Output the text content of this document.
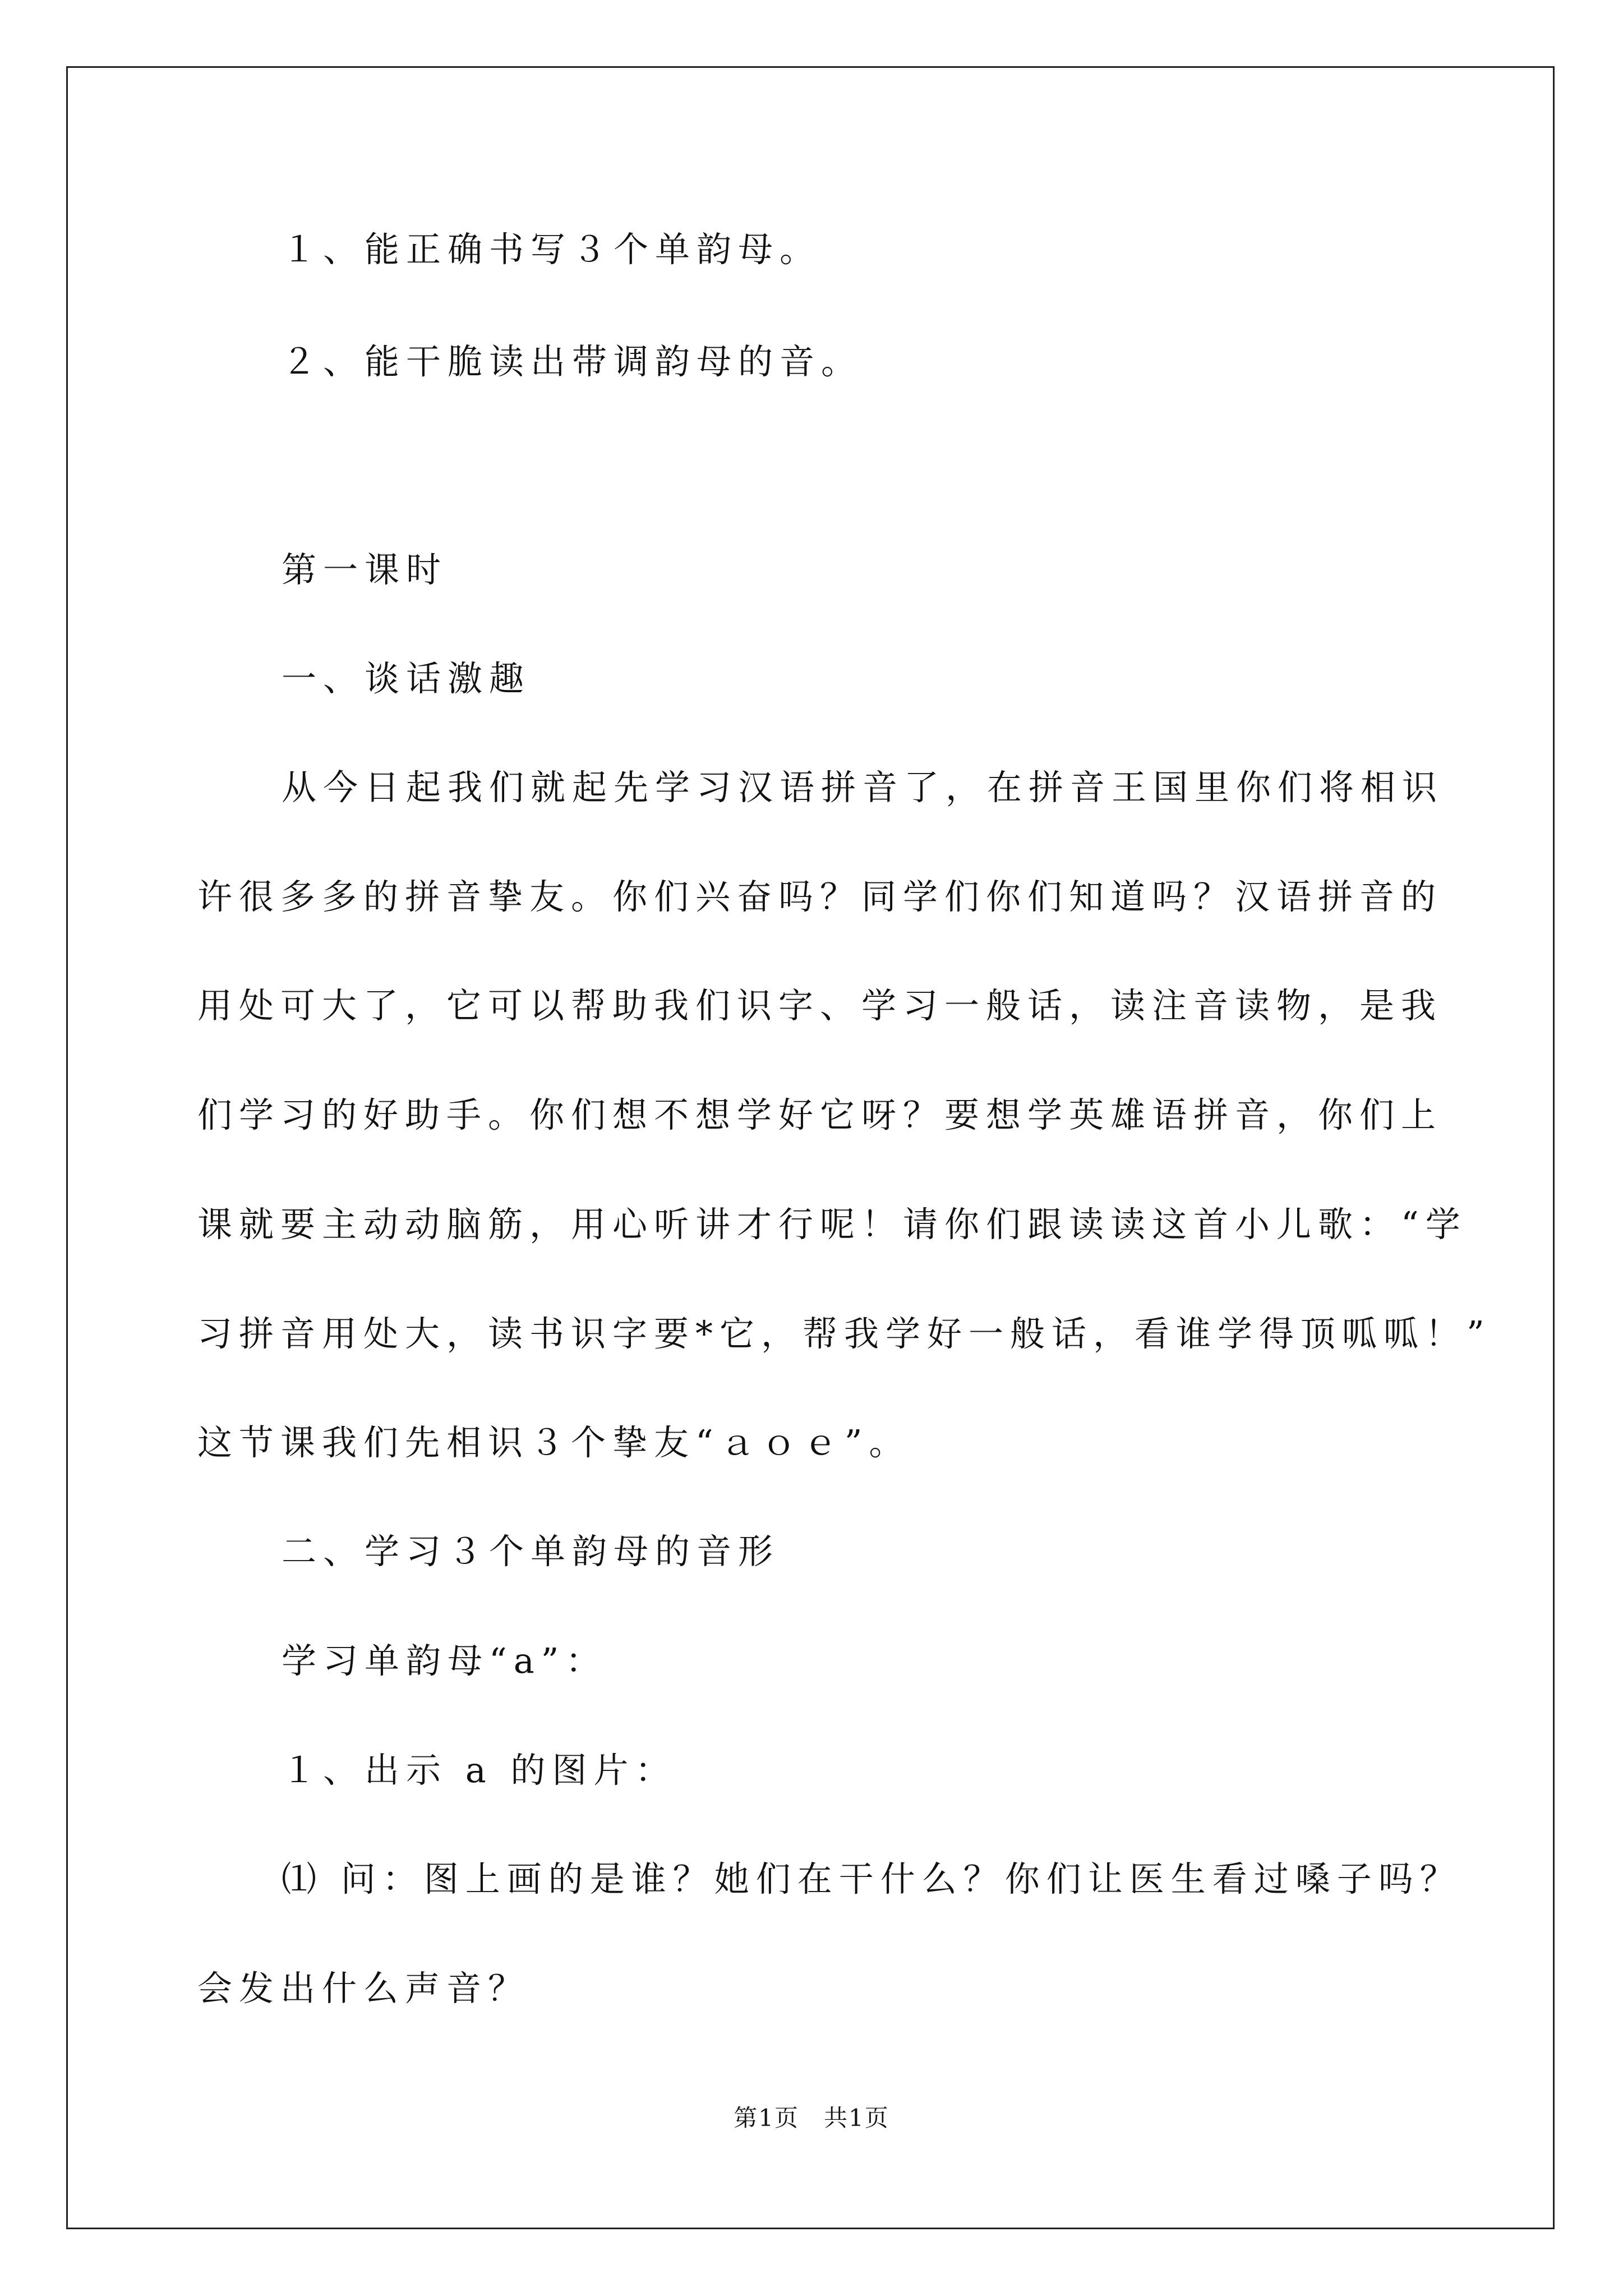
１、能正确书写３个单韵母。
２、能干脆读出带调韵母的音。
第一课时
一、谈话激趣
从今日起我们就起先学习汉语拼音了，在拼音王国里你们将相识
许很多多的拼音挚友。你们兴奋吗？同学们你们知道吗？汉语拼音的
用处可大了，它可以帮助我们识字、学习一般话，读注音读物，是我
们学习的好助手。你们想不想学好它呀？要想学英雄语拼音，你们上
课就要主动动脑筋，用心听讲才行呢！请你们跟读读这首小儿歌：“学
习拼音用处大，读书识字要*它，帮我学好一般话，看谁学得顶呱呱！”
这节课我们先相识３个挚友“ａｏｅ”。
二、学习３个单韵母的音形
学习单韵母“a”：
１、出示 a 的图片：
⑴ 问：图上画的是谁？她们在干什么？你们让医生看过嗓子吗？
会发出什么声音？
第1页　共1页
